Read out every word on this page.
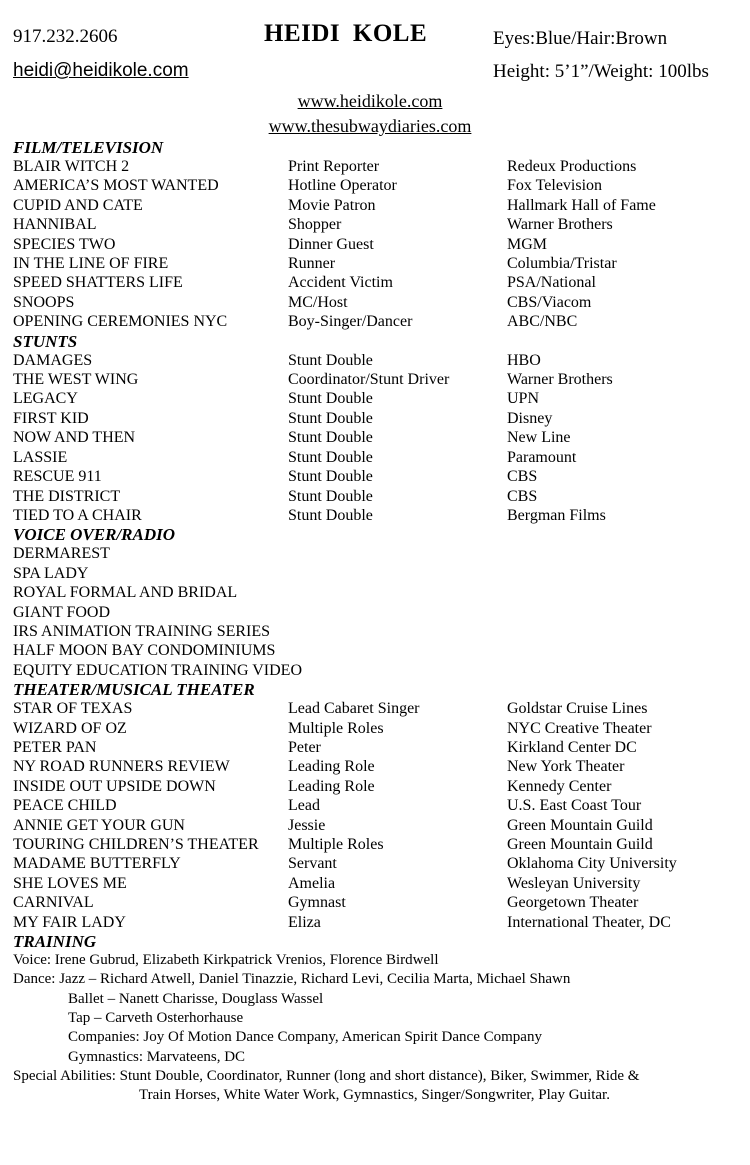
917.232.2606	HEIDI KOLE	Eyes:Blue/Hair:Brown
heidi@heidikole.com	Height: 5’1”/Weight: 100lbs
www.heidikole.com
www.thesubwaydiaries.com
FILM/TELEVISION
BLAIR WITCH 2	Print Reporter	Redeux Productions
AMERICA’S MOST WANTED	Hotline Operator	Fox Television
CUPID AND CATE	Movie Patron	Hallmark Hall of Fame
HANNIBAL	Shopper	Warner Brothers
SPECIES TWO	Dinner Guest	MGM
IN THE LINE OF FIRE	Runner	Columbia/Tristar
SPEED SHATTERS LIFE	Accident Victim	PSA/National
SNOOPS	MC/Host	CBS/Viacom
OPENING CEREMONIES NYC	Boy-Singer/Dancer	ABC/NBC
STUNTS
DAMAGES	Stunt Double	HBO
THE WEST WING	Coordinator/Stunt Driver	Warner Brothers
LEGACY	Stunt Double	UPN
FIRST KID	Stunt Double	Disney
NOW AND THEN	Stunt Double	New Line
LASSIE	Stunt Double	Paramount
RESCUE 911	Stunt Double	CBS
THE DISTRICT	Stunt Double	CBS
TIED TO A CHAIR	Stunt Double	Bergman Films
VOICE OVER/RADIO
DERMAREST
SPA LADY
ROYAL FORMAL AND BRIDAL
GIANT FOOD
IRS ANIMATION TRAINING SERIES
HALF MOON BAY CONDOMINIUMS
EQUITY EDUCATION TRAINING VIDEO
THEATER/MUSICAL THEATER
STAR OF TEXAS	Lead Cabaret Singer	Goldstar Cruise Lines
WIZARD OF OZ	Multiple Roles	NYC Creative Theater
PETER PAN	Peter	Kirkland Center DC
NY ROAD RUNNERS REVIEW	Leading Role	New York Theater
INSIDE OUT UPSIDE DOWN	Leading Role	Kennedy Center
PEACE CHILD	Lead	U.S. East Coast Tour
ANNIE GET YOUR GUN	Jessie	Green Mountain Guild
TOURING CHILDREN’S THEATER	Multiple Roles	Green Mountain Guild
MADAME BUTTERFLY	Servant	Oklahoma City University
SHE LOVES ME	Amelia	Wesleyan University
CARNIVAL	Gymnast	Georgetown Theater
MY FAIR LADY	Eliza	International Theater, DC
TRAINING
Voice: Irene Gubrud, Elizabeth Kirkpatrick Vrenios, Florence Birdwell
Dance: Jazz – Richard Atwell, Daniel Tinazzie, Richard Levi, Cecilia Marta, Michael Shawn
Ballet – Nanett Charisse, Douglass Wassel
Tap – Carveth Osterhorhause
Companies: Joy Of Motion Dance Company, American Spirit Dance Company
Gymnastics: Marvateens, DC
Special Abilities: Stunt Double, Coordinator, Runner (long and short distance), Biker, Swimmer, Ride &
Train Horses, White Water Work, Gymnastics, Singer/Songwriter, Play Guitar.
